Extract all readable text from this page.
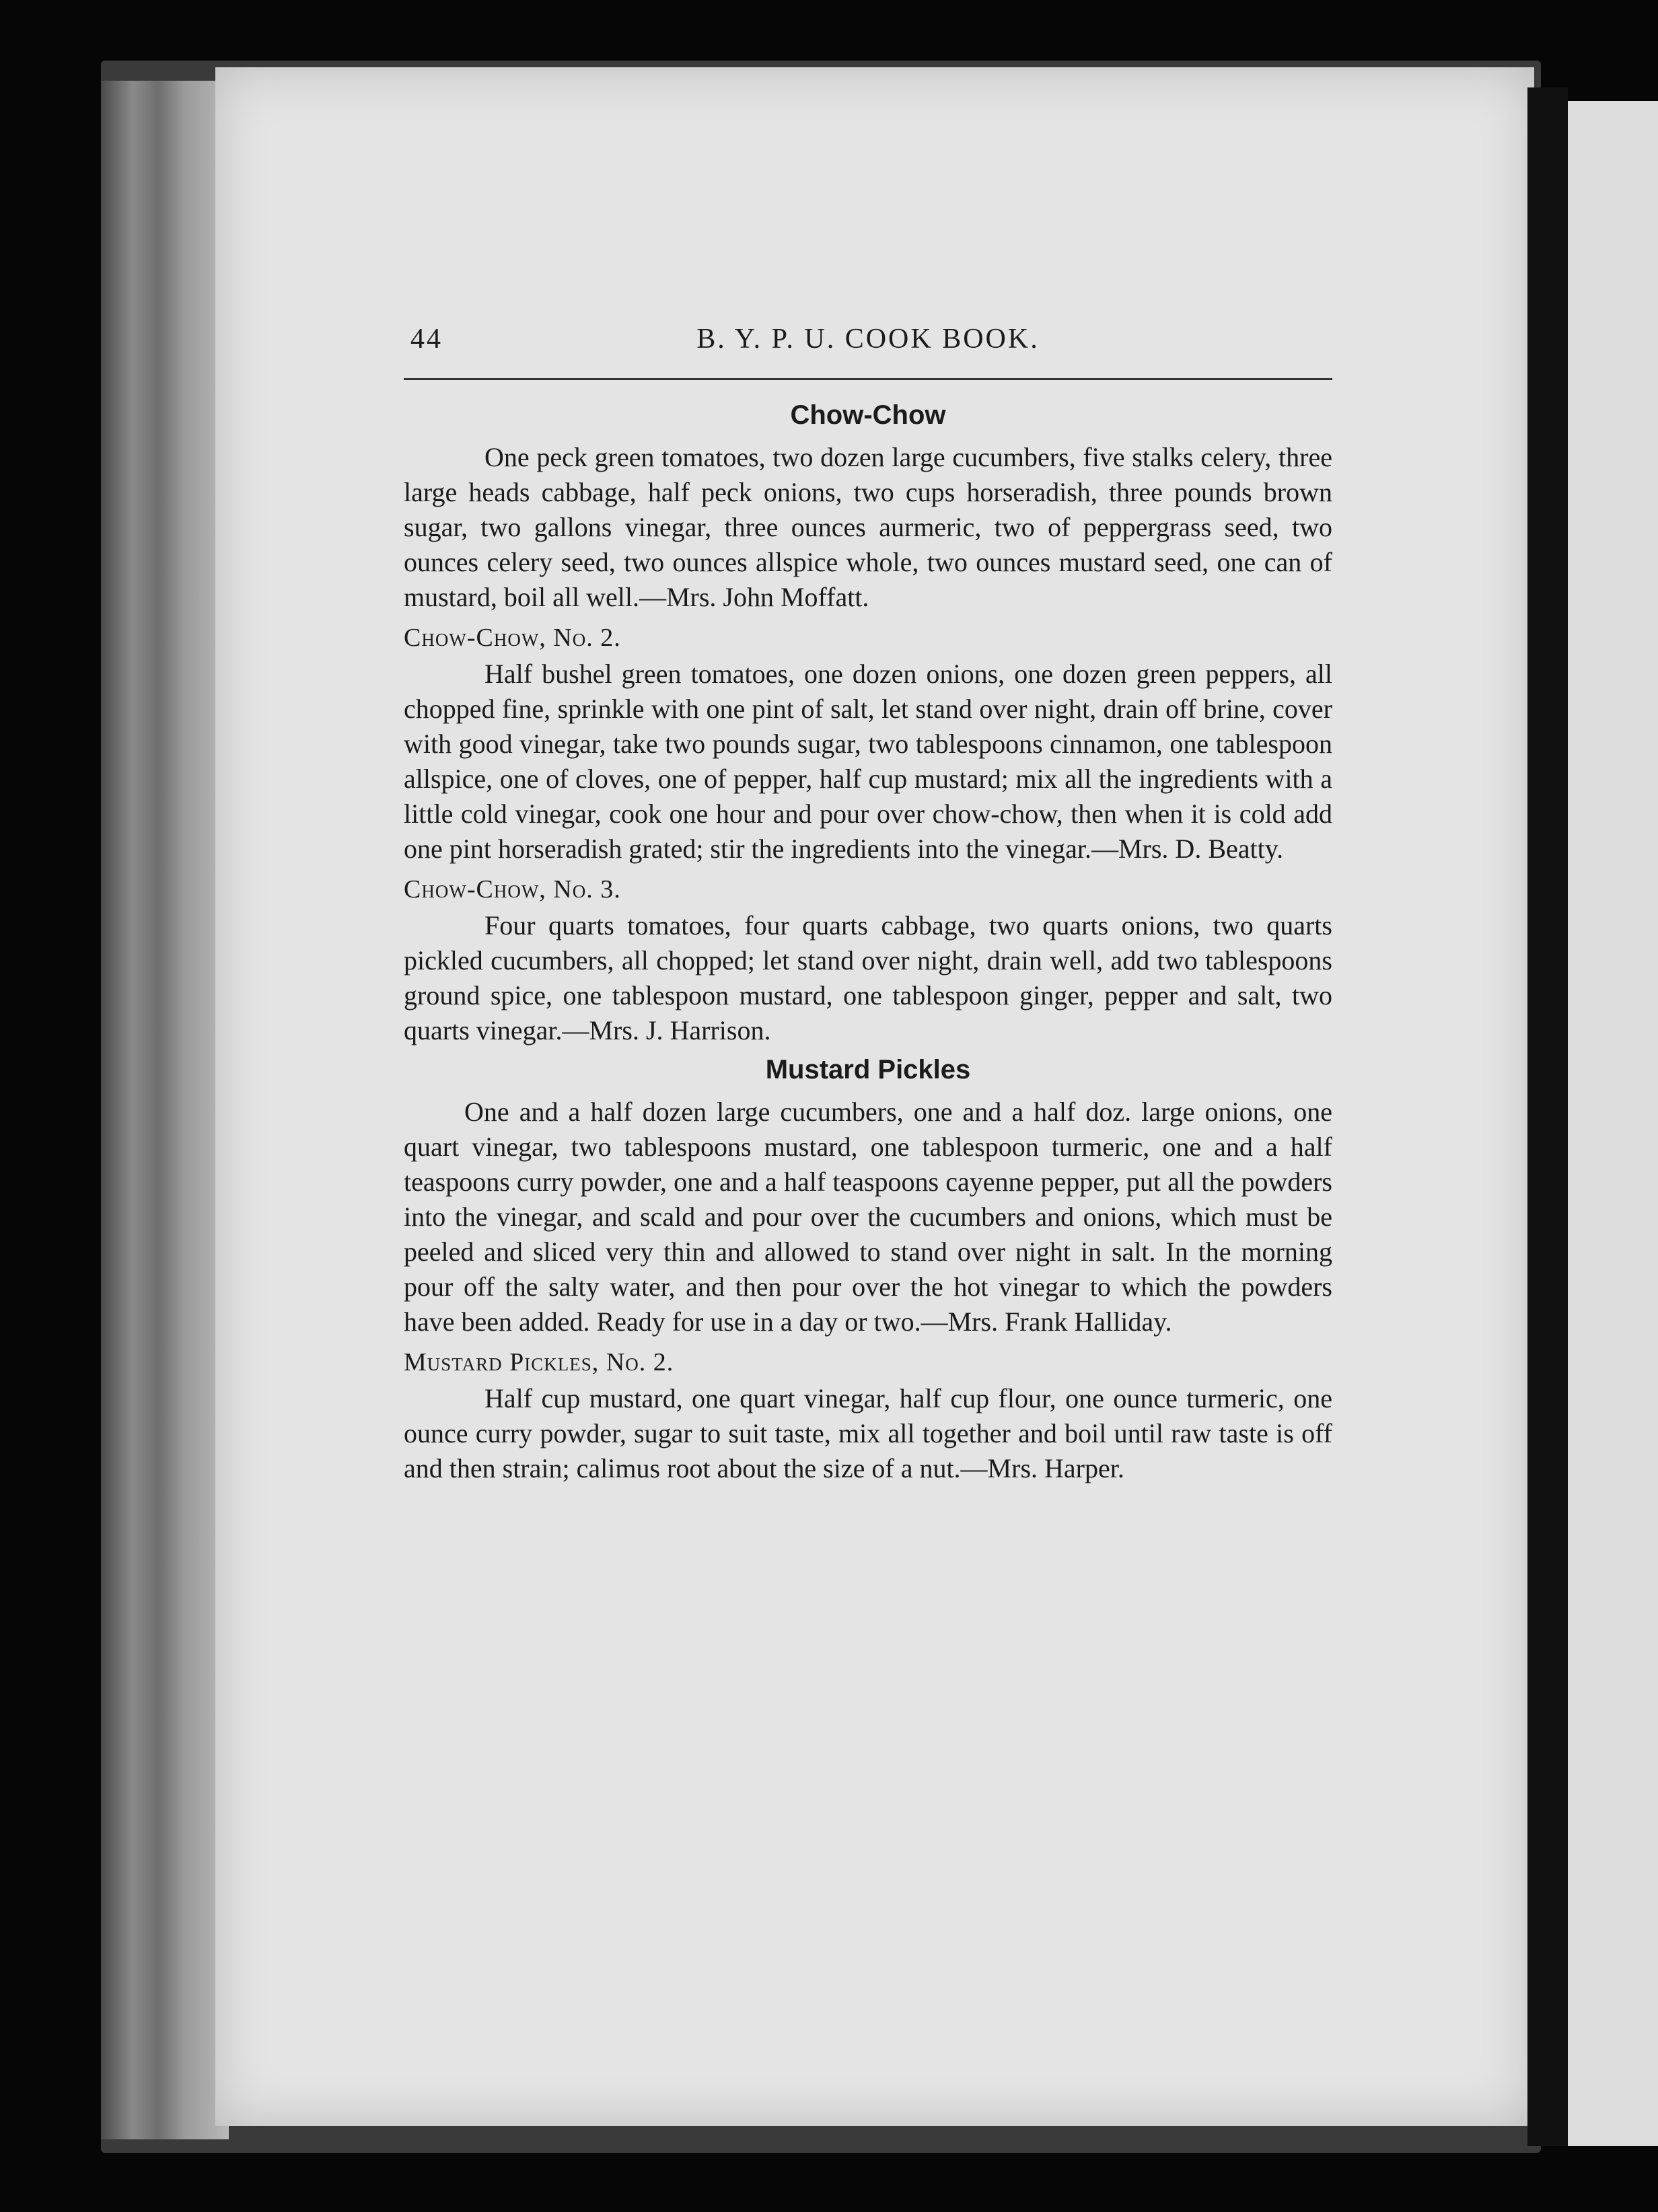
44	B. Y. P. U. COOK BOOK.
Chow-Chow

One peck green tomatoes, two dozen large cucumbers, five stalks celery, three large heads cabbage, half peck onions, two cups horseradish, three pounds brown sugar, two gallons vinegar, three ounces aurmeric, two of peppergrass seed, two ounces celery seed, two ounces allspice whole, two ounces mustard seed, one can of mustard, boil all well.—Mrs. John Moffatt.

Chow-Chow, No. 2.

Half bushel green tomatoes, one dozen onions, one dozen green peppers, all chopped fine, sprinkle with one pint of salt, let stand over night, drain off brine, cover with good vinegar, take two pounds sugar, two tablespoons cinnamon, one tablespoon allspice, one of cloves, one of pepper, half cup mustard; mix all the ingredients with a little cold vinegar, cook one hour and pour over chow-chow, then when it is cold add one pint horseradish grated; stir the ingredients into the vinegar.—Mrs. D. Beatty.

Chow-Chow, No. 3.

Four quarts tomatoes, four quarts cabbage, two quarts onions, two quarts pickled cucumbers, all chopped; let stand over night, drain well, add two tablespoons ground spice, one tablespoon mustard, one tablespoon ginger, pepper and salt, two quarts vinegar.—Mrs. J. Harrison.

Mustard Pickles

One and a half dozen large cucumbers, one and a half doz. large onions, one quart vinegar, two tablespoons mustard, one tablespoon turmeric, one and a half teaspoons curry powder, one and a half teaspoons cayenne pepper, put all the powders into the vinegar, and scald and pour over the cucumbers and onions, which must be peeled and sliced very thin and allowed to stand over night in salt. In the morning pour off the salty water, and then pour over the hot vinegar to which the powders have been added. Ready for use in a day or two.—Mrs. Frank Halliday.

Mustard Pickles, No. 2.

Half cup mustard, one quart vinegar, half cup flour, one ounce turmeric, one ounce curry powder, sugar to suit taste, mix all together and boil until raw taste is off and then strain; calimus root about the size of a nut.—Mrs. Harper.
